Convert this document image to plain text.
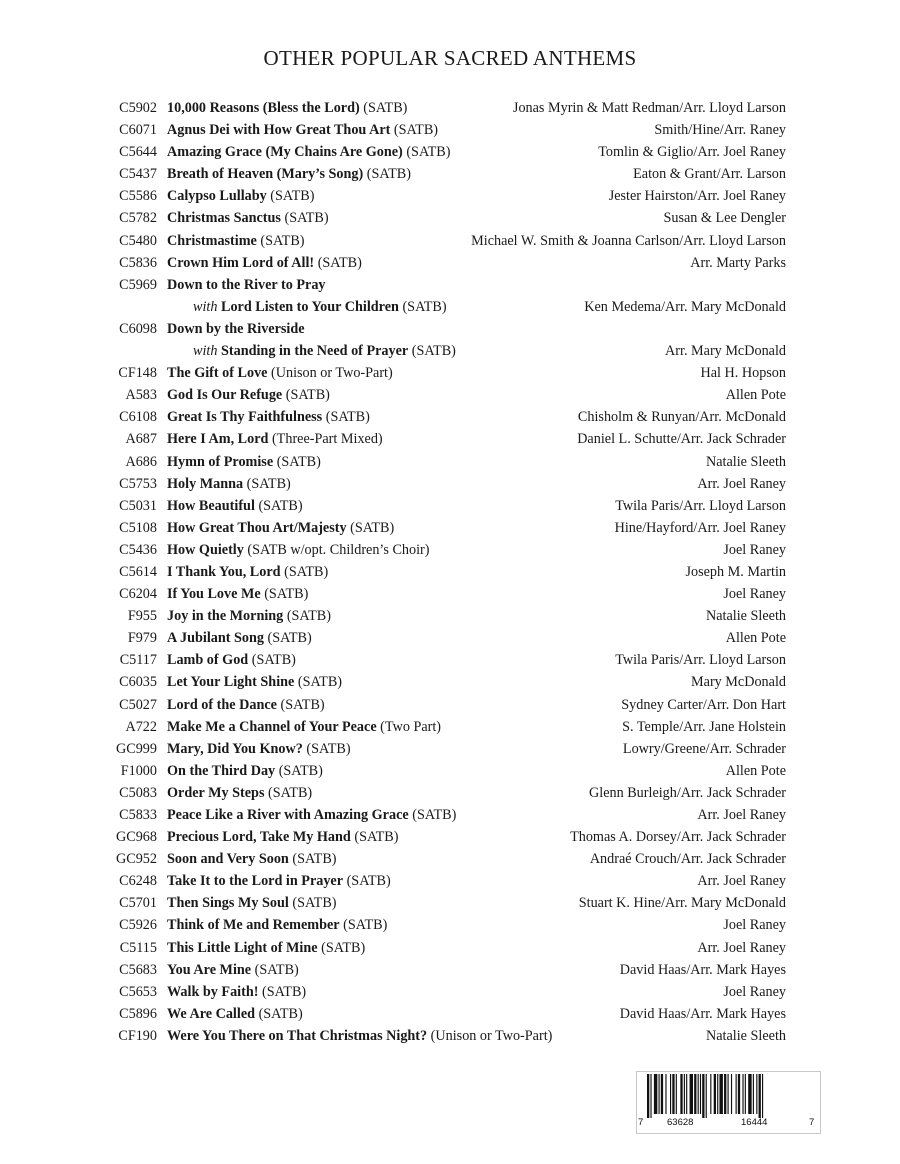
OTHER POPULAR SACRED ANTHEMS
C5902 10,000 Reasons (Bless the Lord) (SATB)	Jonas Myrin & Matt Redman/Arr. Lloyd Larson
C6071 Agnus Dei with How Great Thou Art (SATB)	Smith/Hine/Arr. Raney
C5644 Amazing Grace (My Chains Are Gone) (SATB)	Tomlin & Giglio/Arr. Joel Raney
C5437 Breath of Heaven (Mary’s Song) (SATB)	Eaton & Grant/Arr. Larson
C5586 Calypso Lullaby (SATB)	Jester Hairston/Arr. Joel Raney
C5782 Christmas Sanctus (SATB)	Susan & Lee Dengler
C5480 Christmastime (SATB)	Michael W. Smith & Joanna Carlson/Arr. Lloyd Larson
C5836 Crown Him Lord of All! (SATB)	Arr. Marty Parks
C5969 Down to the River to Pray
with Lord Listen to Your Children (SATB)	Ken Medema/Arr. Mary McDonald
C6098 Down by the Riverside
with Standing in the Need of Prayer (SATB)	Arr. Mary McDonald
CF148 The Gift of Love (Unison or Two-Part)	Hal H. Hopson
A583 God Is Our Refuge (SATB)	Allen Pote
C6108 Great Is Thy Faithfulness (SATB)	Chisholm & Runyan/Arr. McDonald
A687 Here I Am, Lord (Three-Part Mixed)	Daniel L. Schutte/Arr. Jack Schrader
A686 Hymn of Promise (SATB)	Natalie Sleeth
C5753 Holy Manna (SATB)	Arr. Joel Raney
C5031 How Beautiful (SATB)	Twila Paris/Arr. Lloyd Larson
C5108 How Great Thou Art/Majesty (SATB)	Hine/Hayford/Arr. Joel Raney
C5436 How Quietly (SATB w/opt. Children’s Choir)	Joel Raney
C5614 I Thank You, Lord (SATB)	Joseph M. Martin
C6204 If You Love Me (SATB)	Joel Raney
F955 Joy in the Morning (SATB)	Natalie Sleeth
F979 A Jubilant Song (SATB)	Allen Pote
C5117 Lamb of God (SATB)	Twila Paris/Arr. Lloyd Larson
C6035 Let Your Light Shine (SATB)	Mary McDonald
C5027 Lord of the Dance (SATB)	Sydney Carter/Arr. Don Hart
A722 Make Me a Channel of Your Peace (Two Part)	S. Temple/Arr. Jane Holstein
GC999 Mary, Did You Know? (SATB)	Lowry/Greene/Arr. Schrader
F1000 On the Third Day (SATB)	Allen Pote
C5083 Order My Steps (SATB)	Glenn Burleigh/Arr. Jack Schrader
C5833 Peace Like a River with Amazing Grace (SATB)	Arr. Joel Raney
GC968 Precious Lord, Take My Hand (SATB)	Thomas A. Dorsey/Arr. Jack Schrader
GC952 Soon and Very Soon (SATB)	Andraé Crouch/Arr. Jack Schrader
C6248 Take It to the Lord in Prayer (SATB)	Arr. Joel Raney
C5701 Then Sings My Soul (SATB)	Stuart K. Hine/Arr. Mary McDonald
C5926 Think of Me and Remember (SATB)	Joel Raney
C5115 This Little Light of Mine (SATB)	Arr. Joel Raney
C5683 You Are Mine (SATB)	David Haas/Arr. Mark Hayes
C5653 Walk by Faith! (SATB)	Joel Raney
C5896 We Are Called (SATB)	David Haas/Arr. Mark Hayes
CF190 Were You There on That Christmas Night? (Unison or Two-Part)	Natalie Sleeth
7 63628	16444	7
